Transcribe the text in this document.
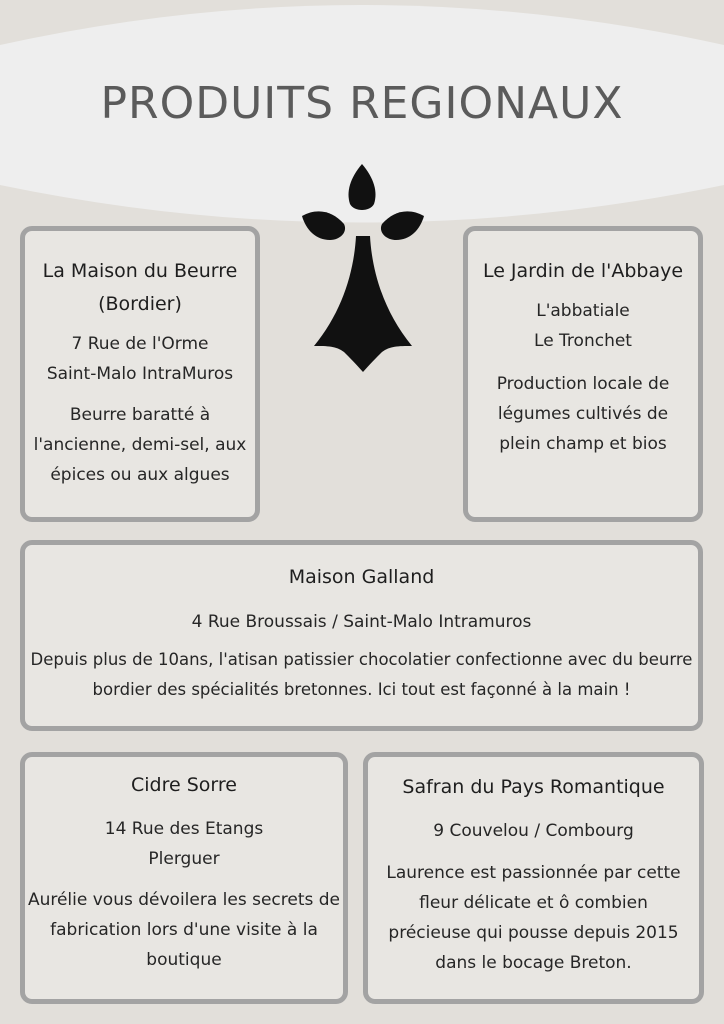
PRODUITS REGIONAUX

La Maison du Beurre (Bordier)

7 Rue de l'Orme
Saint-Malo IntraMuros

Beurre baratté à l'ancienne, demi-sel, aux épices ou aux algues

Le Jardin de l'Abbaye

L'abbatiale
Le Tronchet

Production locale de légumes cultivés de plein champ et bios

Maison Galland

4 Rue Broussais / Saint-Malo Intramuros

Depuis plus de 10ans, l'atisan patissier chocolatier confectionne avec du beurre bordier des spécialités bretonnes. Ici tout est façonné à la main !

Cidre Sorre

14 Rue des Etangs
Plerguer

Aurélie vous dévoilera les secrets de fabrication lors d'une visite à la boutique

Safran du Pays Romantique

9 Couvelou / Combourg

Laurence est passionnée par cette fleur délicate et ô combien précieuse qui pousse depuis 2015 dans le bocage Breton.
